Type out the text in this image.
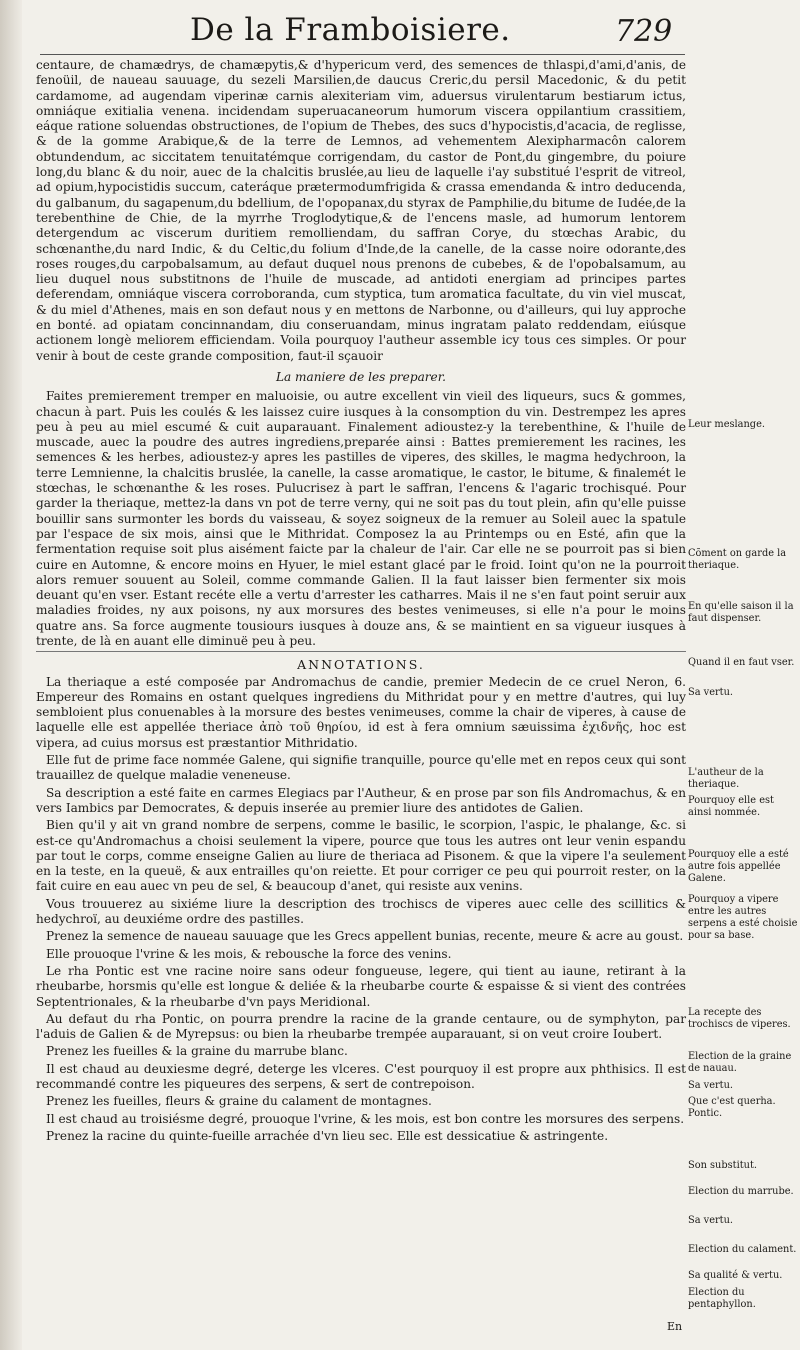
De la Framboisiere.	729

centaure, de chamædrys, de chamæpytis,& d'hypericum verd, des semences de thlaspi,d'ami,d'anis, de fenoüil, de naueau sauuage, du sezeli Marsilien,de daucus Creric,du persil Macedonic, & du petit cardamome, ad augendam viperinæ carnis alexiteriam vim, aduersus virulentarum bestiarum ictus, omniáque exitialia venena. incidendam superuacaneorum humorum viscera oppilantium crassitiem, eáque ratione soluendas obstructiones, de l'opium de Thebes, des sucs d'hypocistis,d'acacia, de reglisse, & de la gomme Arabique,& de la terre de Lemnos, ad vehementem Alexipharmacôn calorem obtundendum, ac siccitatem tenuitatémque corrigendam, du castor de Pont,du gingembre, du poiure long,du blanc & du noir, auec de la chalcitis bruslée,au lieu de laquelle i'ay substitué l'esprit de vitreol, ad opium,hypocistidis succum, cateráque prætermodumfrigida & crassa emendanda & intro deducenda, du galbanum, du sagapenum,du bdellium, de l'opopanax,du styrax de Pamphilie,du bitume de Iudée,de la terebenthine de Chie, de la myrrhe Troglodytique,& de l'encens masle, ad humorum lentorem detergendum ac viscerum duritiem remolliendam, du saffran Corye, du stœchas Arabic, du schœnanthe,du nard Indic, & du Celtic,du folium d'Inde,de la canelle, de la casse noire odorante,des roses rouges,du carpobalsamum, au defaut duquel nous prenons de cubebes, & de l'opobalsamum, au lieu duquel nous substitnons de l'huile de muscade, ad antidoti energiam ad principes partes deferendam, omniáque viscera corroboranda, cum styptica, tum aromatica facultate, du vin viel muscat, & du miel d'Athenes, mais en son defaut nous y en mettons de Narbonne, ou d'ailleurs, qui luy approche en bonté. ad opiatam concinnandam, diu conseruandam, minus ingratam palato reddendam, eiúsque actionem longè meliorem efficiendam. Voila pourquoy l'autheur assemble icy tous ces simples. Or pour venir à bout de ceste grande composition, faut-il sçauoir

La maniere de les preparer.

Faites premierement tremper en maluoisie, ou autre excellent vin vieil des liqueurs, sucs & gommes, chacun à part. Puis les coulés & les laissez cuire iusques à la consomption du vin. Destrempez les apres peu à peu au miel escumé & cuit auparauant. Finalement adioustez-y la terebenthine, & l'huile de muscade, auec la poudre des autres ingrediens,preparée ainsi : Battes premierement les racines, les semences & les herbes, adioustez-y apres les pastilles de viperes, des skilles, le magma hedychroon, la terre Lemnienne, la chalcitis bruslée, la canelle, la casse aromatique, le castor, le bitume, & finalemét le stœchas, le schœnanthe & les roses. Pulucrisez à part le saffran, l'encens & l'agaric trochisqué. Pour garder la theriaque, mettez-la dans vn pot de terre verny, qui ne soit pas du tout plein, afin qu'elle puisse bouillir sans surmonter les bords du vaisseau, & soyez soigneux de la remuer au Soleil auec la spatule par l'espace de six mois, ainsi que le Mithridat. Composez la au Printemps ou en Esté, afin que la fermentation requise soit plus aisément faicte par la chaleur de l'air. Car elle ne se pourroit pas si bien cuire en Automne, & encore moins en Hyuer, le miel estant glacé par le froid. Ioint qu'on ne la pourroit alors remuer souuent au Soleil, comme commande Galien. Il la faut laisser bien fermenter six mois deuant qu'en vser. Estant recéte elle a vertu d'arrester les catharres. Mais il ne s'en faut point seruir aux maladies froides, ny aux poisons, ny aux morsures des bestes venimeuses, si elle n'a pour le moins quatre ans. Sa force augmente tousiours iusques à douze ans, & se maintient en sa vigueur iusques à trente, de là en auant elle diminuë peu à peu.

ANNOTATIONS.

La theriaque a esté composée par Andromachus de candie, premier Medecin de ce cruel Neron, 6. Empereur des Romains en ostant quelques ingrediens du Mithridat pour y en mettre d'autres, qui luy sembloient plus conuenables à la morsure des bestes venimeuses, comme la chair de viperes, à cause de laquelle elle est appellée theriace ἀπὸ τοῦ θηρίου, id est à fera omnium sæuissima ἐχιδνῆς, hoc est vipera, ad cuius morsus est præstantior Mithridatio.

Elle fut de prime face nommée Galene, qui signifie tranquille, pource qu'elle met en repos ceux qui sont trauaillez de quelque maladie veneneuse.

Sa description a esté faite en carmes Elegiacs par l'Autheur, & en prose par son fils Andromachus, & en vers Iambics par Democrates, & depuis inserée au premier liure des antidotes de Galien.

Bien qu'il y ait vn grand nombre de serpens, comme le basilic, le scorpion, l'aspic, le phalange, &c. si est-ce qu'Andromachus a choisi seulement la vipere, pource que tous les autres ont leur venin espandu par tout le corps, comme enseigne Galien au liure de theriaca ad Pisonem. & que la vipere l'a seulement en la teste, en la queuë, & aux entrailles qu'on reiette. Et pour corriger ce peu qui pourroit rester, on la fait cuire en eau auec vn peu de sel, & beaucoup d'anet, qui resiste aux venins.

Vous trouuerez au sixiéme liure la description des trochiscs de viperes auec celle des scillitics & hedychroï, au deuxiéme ordre des pastilles.

Prenez la semence de naueau sauuage que les Grecs appellent bunias, recente, meure & acre au goust.

Elle prouoque l'vrine & les mois, & rebousche la force des venins.

Le rha Pontic est vne racine noire sans odeur fongueuse, legere, qui tient au iaune, retirant à la rheubarbe, horsmis qu'elle est longue & deliée & la rheubarbe courte & espaisse & si vient des contrées Septentrionales, & la rheubarbe d'vn pays Meridional.

Au defaut du rha Pontic, on pourra prendre la racine de la grande centaure, ou de symphyton, par l'aduis de Galien & de Myrepsus: ou bien la rheubarbe trempée auparauant, si on veut croire Ioubert.

Prenez les fueilles & la graine du marrube blanc.

Il est chaud au deuxiesme degré, deterge les vlceres. C'est pourquoy il est propre aux phthisics. Il est recommandé contre les piqueures des serpens, & sert de contrepoison.

Prenez les fueilles, fleurs & graine du calament de montagnes.

Il est chaud au troisiésme degré, prouoque l'vrine, & les mois, est bon contre les morsures des serpens.

Prenez la racine du quinte-fueille arrachée d'vn lieu sec. Elle est dessicatiue & astringente.

Leur meslange.
Cõment on garde la theriaque.
En qu'elle saison il la faut dispenser.
Quand il en faut vser.
Sa vertu.
L'autheur de la theriaque.
Pourquoy elle est ainsi nommée.
Pourquoy elle a esté autre fois appellée Galene.
Pourquoy a vipere entre les autres serpens a esté choisie pour sa base.
La recepte des trochiscs de viperes.
Election de la graine de nauau.
Sa vertu.
Que c'est querha. Pontic.
Son substitut.
Election du marrube.
Sa vertu.
Election du calament.
Sa qualité & vertu.
Election du pentaphyllon.
En
